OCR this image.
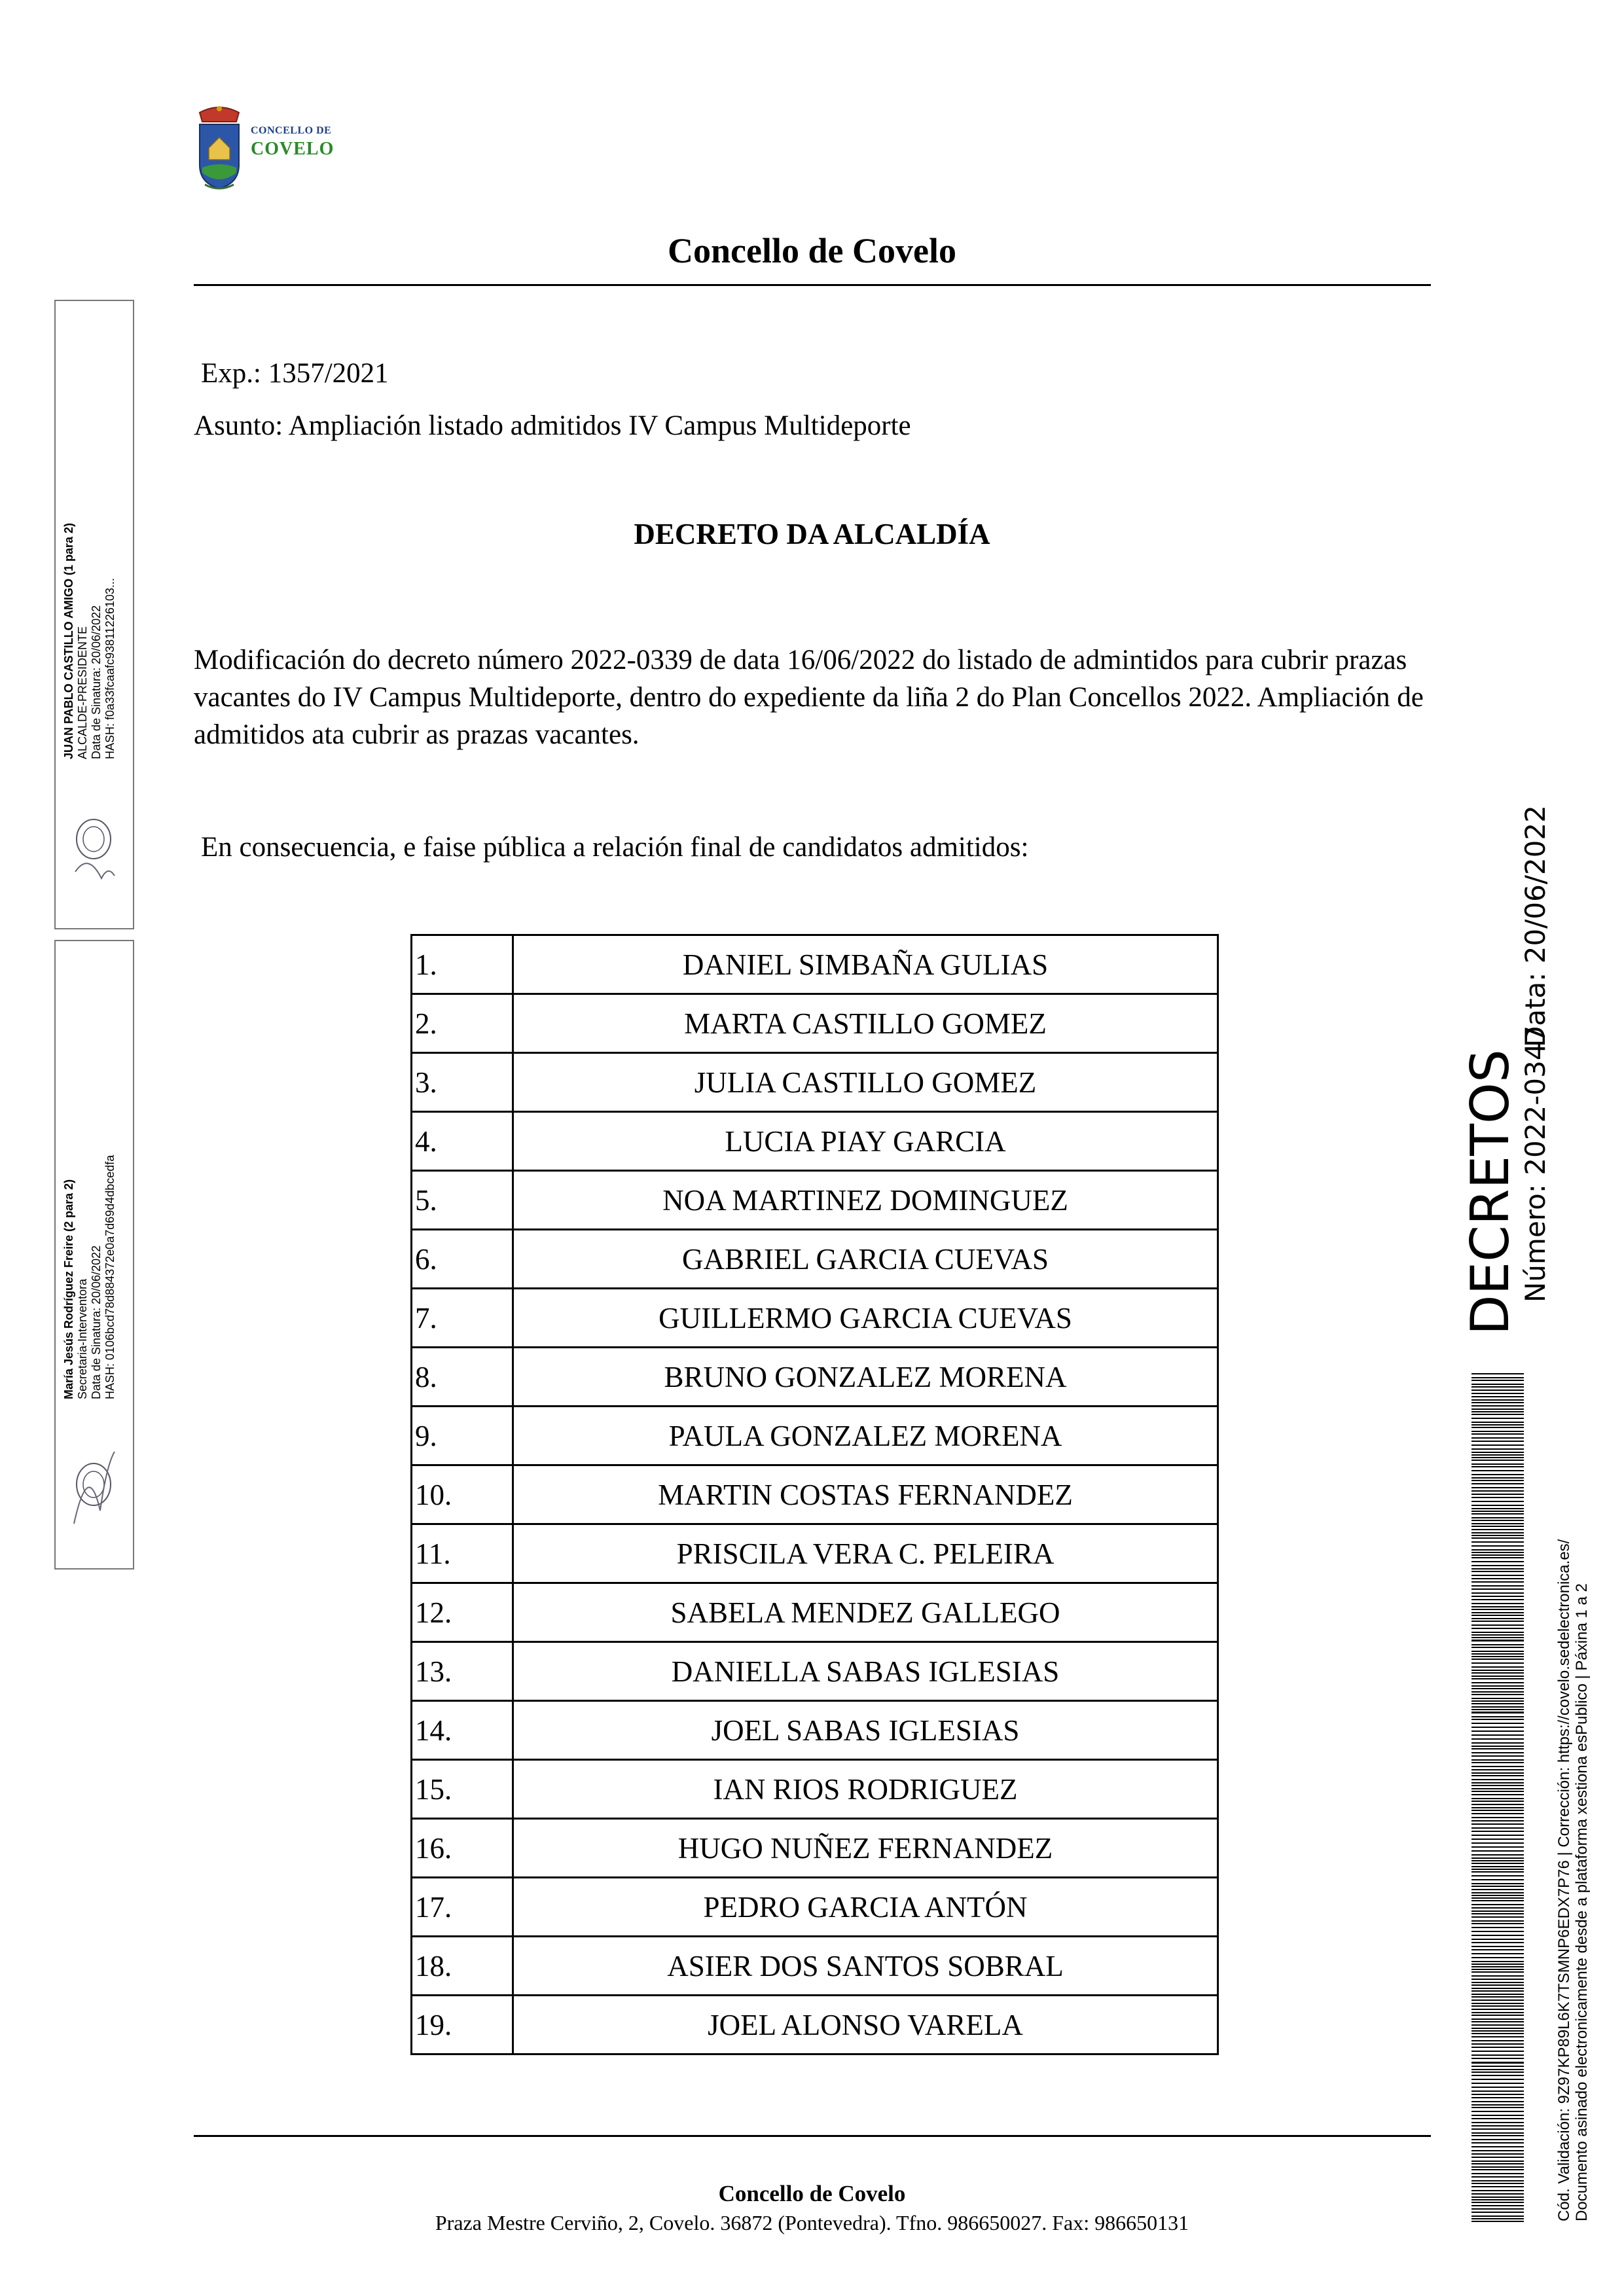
CONCELLO DE
COVELO
Concello de Covelo
Exp.: 1357/2021
Asunto: Ampliación listado admitidos IV Campus Multideporte
DECRETO DA ALCALDÍA
Modificación do decreto número 2022-0339 de data 16/06/2022 do listado de admintidos para cubrir prazas vacantes do IV Campus Multideporte, dentro do expediente da liña 2 do Plan Concellos 2022. Ampliación de admitidos ata cubrir as prazas vacantes.
En consecuencia, e faise pública a relación final de candidatos admitidos:
1.	DANIEL SIMBAÑA GULIAS
2.	MARTA CASTILLO GOMEZ
3.	JULIA CASTILLO GOMEZ
4.	LUCIA PIAY GARCIA
5.	NOA MARTINEZ DOMINGUEZ
6.	GABRIEL GARCIA CUEVAS
7.	GUILLERMO GARCIA CUEVAS
8.	BRUNO GONZALEZ MORENA
9.	PAULA GONZALEZ MORENA
10.	MARTIN COSTAS FERNANDEZ
11.	PRISCILA VERA C. PELEIRA
12.	SABELA MENDEZ GALLEGO
13.	DANIELLA SABAS IGLESIAS
14.	JOEL SABAS IGLESIAS
15.	IAN RIOS RODRIGUEZ
16.	HUGO NUÑEZ FERNANDEZ
17.	PEDRO GARCIA ANTÓN
18.	ASIER DOS SANTOS SOBRAL
19.	JOEL ALONSO VARELA
Concello de Covelo
Praza Mestre Cerviño, 2, Covelo. 36872 (Pontevedra). Tfno. 986650027. Fax: 986650131
JUAN PABLO CASTILLO AMIGO (1 para 2) ALCALDE-PRESIDENTE Data de Sinatura: 20/06/2022 HASH: f0a33fcaafc93811226103...
María Jesús Rodríguez Freire (2 para 2) Secretaria-Interventora Data de Sinatura: 20/06/2022 HASH: 0106bcd78d884372e0a7d69d4dbcedfa	DECRETOS
Número: 2022-0347
Data: 20/06/2022
Cód. Validación: 9Z97KP89L6K7TSMNP6EDX7P76 | Corrección: https://covelo.sedelectronica.es/ Documento asinado electronicamente desde a plataforma xestiona esPublico | Páxina 1 a 2
